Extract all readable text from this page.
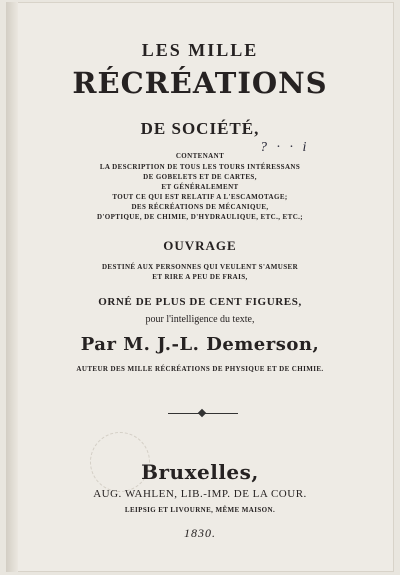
LES MILLE
RÉCRÉATIONS
DE SOCIÉTÉ,
? · · i
CONTENANT
LA DESCRIPTION DE TOUS LES TOURS INTÉRESSANS
DE GOBELETS ET DE CARTES,
ET GÉNÉRALEMENT
TOUT CE QUI EST RELATIF A L'ESCAMOTAGE;
DES RÉCRÉATIONS DE MÉCANIQUE,
D'OPTIQUE, DE CHIMIE, D'HYDRAULIQUE, ETC., ETC.;
OUVRAGE
DESTINÉ AUX PERSONNES QUI VEULENT S'AMUSER
ET RIRE A PEU DE FRAIS,
ORNÉ DE PLUS DE CENT FIGURES,
pour l'intelligence du texte,
Par M. J.-L. Demerson,
AUTEUR DES MILLE RÉCRÉATIONS DE PHYSIQUE ET DE CHIMIE.
Bruxelles,
AUG. WAHLEN, LIB.-IMP. DE LA COUR.
LEIPSIG ET LIVOURNE, MÊME MAISON.
1830.
